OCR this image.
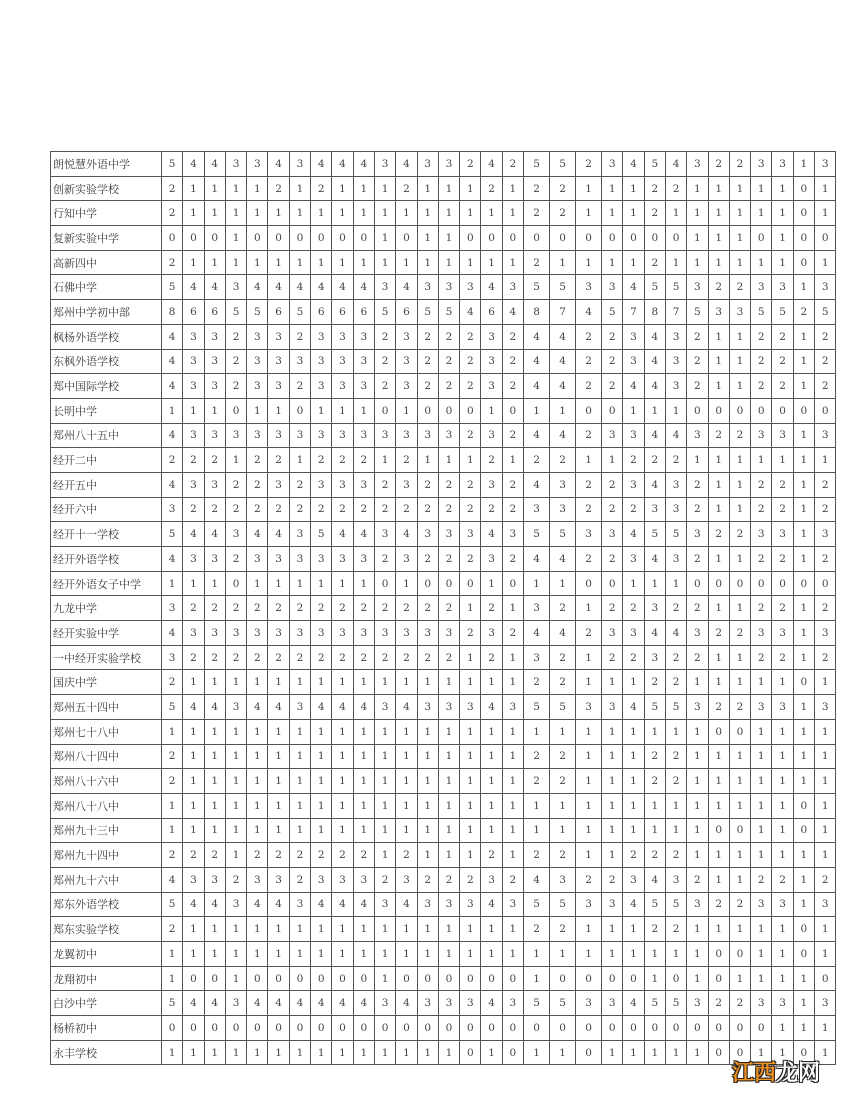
朗悦慧外语中学	5	4	4	3	3	4	3	4	4	4	3	4	3	3	2	4	2	5	5	2	3	4	5	4	3	2	2	3	3	1	3
创新实验学校	2	1	1	1	1	2	1	2	1	1	1	2	1	1	1	2	1	2	2	1	1	1	2	2	1	1	1	1	1	0	1
行知中学	2	1	1	1	1	1	1	1	1	1	1	1	1	1	1	1	1	2	2	1	1	1	2	1	1	1	1	1	1	0	1
复新实验中学	0	0	0	1	0	0	0	0	0	0	1	0	1	1	0	0	0	0	0	0	0	0	0	0	1	1	1	0	1	0	0
高新四中	2	1	1	1	1	1	1	1	1	1	1	1	1	1	1	1	1	2	1	1	1	1	2	1	1	1	1	1	1	0	1
石佛中学	5	4	4	3	4	4	4	4	4	4	3	4	3	3	3	4	3	5	5	3	3	4	5	5	3	2	2	3	3	1	3
郑州中学初中部	8	6	6	5	5	6	5	6	6	6	5	6	5	5	4	6	4	8	7	4	5	7	8	7	5	3	3	5	5	2	5
枫杨外语学校	4	3	3	2	3	3	2	3	3	3	2	3	2	2	2	3	2	4	4	2	2	3	4	3	2	1	1	2	2	1	2
东枫外语学校	4	3	3	2	3	3	3	3	3	3	2	3	2	2	2	3	2	4	4	2	2	3	4	3	2	1	1	2	2	1	2
郑中国际学校	4	3	3	2	3	3	2	3	3	3	2	3	2	2	2	3	2	4	4	2	2	4	4	3	2	1	1	2	2	1	2
长明中学	1	1	1	0	1	1	0	1	1	1	0	1	0	0	0	1	0	1	1	0	0	1	1	1	0	0	0	0	0	0	0
郑州八十五中	4	3	3	3	3	3	3	3	3	3	3	3	3	3	2	3	2	4	4	2	3	3	4	4	3	2	2	3	3	1	3
经开二中	2	2	2	1	2	2	1	2	2	2	1	2	1	1	1	2	1	2	2	1	1	2	2	2	1	1	1	1	1	1	1
经开五中	4	3	3	2	2	3	2	3	3	3	2	3	2	2	2	3	2	4	3	2	2	3	4	3	2	1	1	2	2	1	2
经开六中	3	2	2	2	2	2	2	2	2	2	2	2	2	2	2	2	2	3	3	2	2	2	3	3	2	1	1	2	2	1	2
经开十一学校	5	4	4	3	4	4	3	5	4	4	3	4	3	3	3	4	3	5	5	3	3	4	5	5	3	2	2	3	3	1	3
经开外语学校	4	3	3	2	3	3	3	3	3	3	2	3	2	2	2	3	2	4	4	2	2	3	4	3	2	1	1	2	2	1	2
经开外语女子中学	1	1	1	0	1	1	1	1	1	1	0	1	0	0	0	1	0	1	1	0	0	1	1	1	0	0	0	0	0	0	0
九龙中学	3	2	2	2	2	2	2	2	2	2	2	2	2	2	1	2	1	3	2	1	2	2	3	2	2	1	1	2	2	1	2
经开实验中学	4	3	3	3	3	3	3	3	3	3	3	3	3	3	2	3	2	4	4	2	3	3	4	4	3	2	2	3	3	1	3
一中经开实验学校	3	2	2	2	2	2	2	2	2	2	2	2	2	2	1	2	1	3	2	1	2	2	3	2	2	1	1	2	2	1	2
国庆中学	2	1	1	1	1	1	1	1	1	1	1	1	1	1	1	1	1	2	2	1	1	1	2	2	1	1	1	1	1	0	1
郑州五十四中	5	4	4	3	4	4	3	4	4	4	3	4	3	3	3	4	3	5	5	3	3	4	5	5	3	2	2	3	3	1	3
郑州七十八中	1	1	1	1	1	1	1	1	1	1	1	1	1	1	1	1	1	1	1	1	1	1	1	1	1	0	0	1	1	1	1
郑州八十四中	2	1	1	1	1	1	1	1	1	1	1	1	1	1	1	1	1	2	2	1	1	1	2	2	1	1	1	1	1	1	1
郑州八十六中	2	1	1	1	1	1	1	1	1	1	1	1	1	1	1	1	1	2	2	1	1	1	2	2	1	1	1	1	1	1	1
郑州八十八中	1	1	1	1	1	1	1	1	1	1	1	1	1	1	1	1	1	1	1	1	1	1	1	1	1	1	1	1	1	0	1
郑州九十三中	1	1	1	1	1	1	1	1	1	1	1	1	1	1	1	1	1	1	1	1	1	1	1	1	1	0	0	1	1	0	1
郑州九十四中	2	2	2	1	2	2	2	2	2	2	1	2	1	1	1	2	1	2	2	1	1	2	2	2	1	1	1	1	1	1	1
郑州九十六中	4	3	3	2	3	3	2	3	3	3	2	3	2	2	2	3	2	4	3	2	2	3	4	3	2	1	1	2	2	1	2
郑东外语学校	5	4	4	3	4	4	3	4	4	4	3	4	3	3	3	4	3	5	5	3	3	4	5	5	3	2	2	3	3	1	3
郑东实验学校	2	1	1	1	1	1	1	1	1	1	1	1	1	1	1	1	1	2	2	1	1	1	2	2	1	1	1	1	1	0	1
龙翼初中	1	1	1	1	1	1	1	1	1	1	1	1	1	1	1	1	1	1	1	1	1	1	1	1	1	0	0	1	1	0	1
龙翔初中	1	0	0	1	0	0	0	0	0	0	1	0	0	0	0	0	0	1	0	0	0	0	1	0	1	0	1	1	1	1	0
白沙中学	5	4	4	3	4	4	4	4	4	4	3	4	3	3	3	4	3	5	5	3	3	4	5	5	3	2	2	3	3	1	3
杨桥初中	0	0	0	0	0	0	0	0	0	0	0	0	0	0	0	0	0	0	0	0	0	0	0	0	0	0	0	0	1	1	1
永丰学校	1	1	1	1	1	1	1	1	1	1	1	1	1	1	0	1	0	1	1	0	1	1	1	1	1	0	0	1	1	0	1
江西龙网
